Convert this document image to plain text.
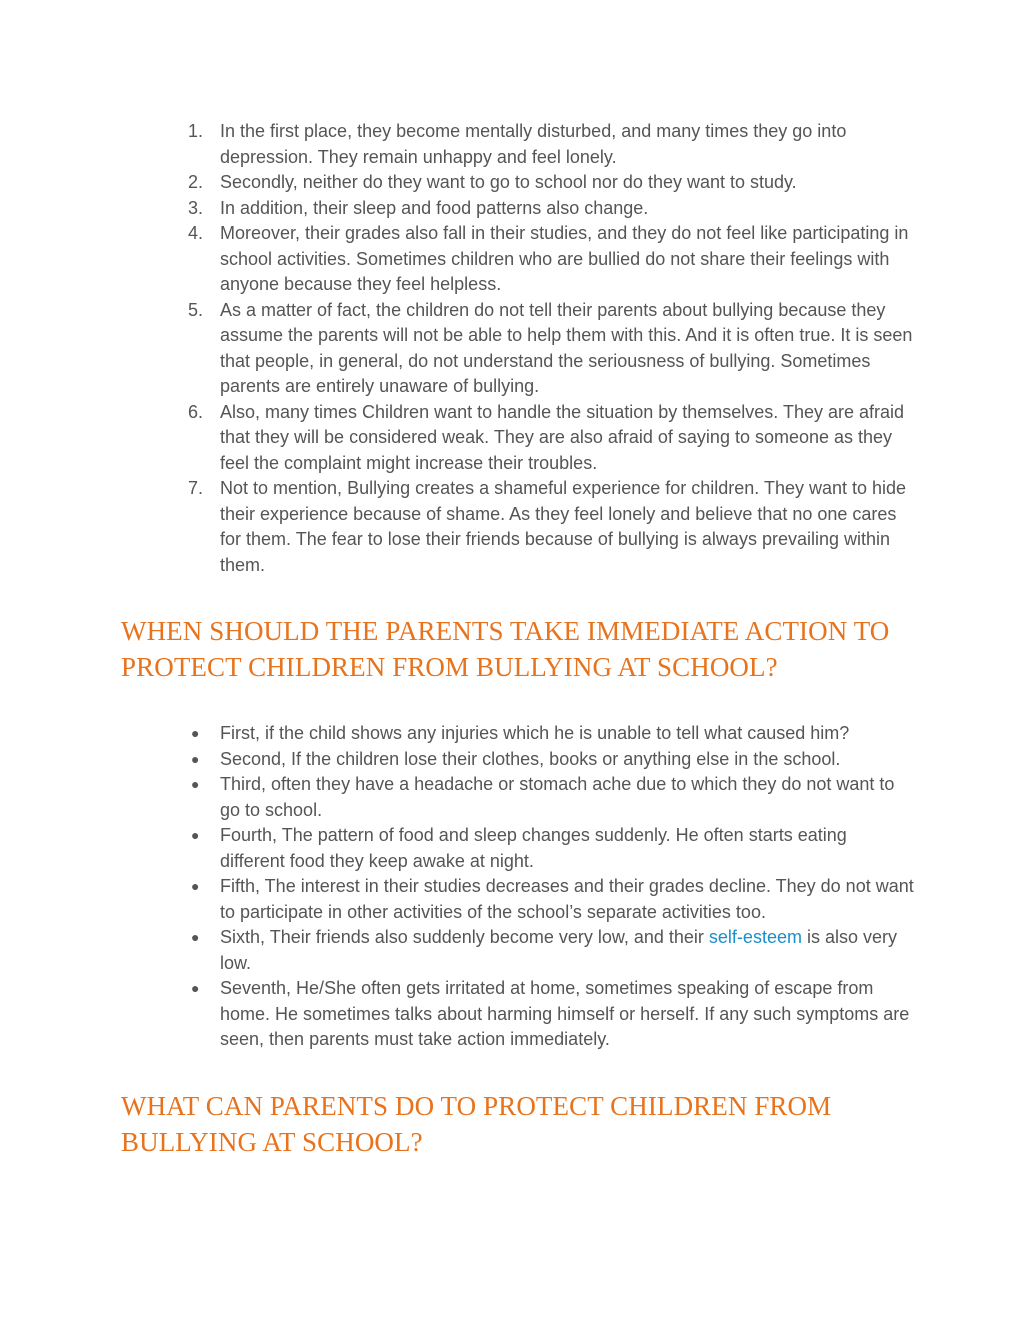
1. In the first place, they become mentally disturbed, and many times they go into depression. They remain unhappy and feel lonely.
2. Secondly, neither do they want to go to school nor do they want to study.
3. In addition, their sleep and food patterns also change.
4. Moreover, their grades also fall in their studies, and they do not feel like participating in school activities. Sometimes children who are bullied do not share their feelings with anyone because they feel helpless.
5. As a matter of fact, the children do not tell their parents about bullying because they assume the parents will not be able to help them with this. And it is often true. It is seen that people, in general, do not understand the seriousness of bullying. Sometimes parents are entirely unaware of bullying.
6. Also, many times Children want to handle the situation by themselves. They are afraid that they will be considered weak. They are also afraid of saying to someone as they feel the complaint might increase their troubles.
7. Not to mention, Bullying creates a shameful experience for children. They want to hide their experience because of shame. As they feel lonely and believe that no one cares for them. The fear to lose their friends because of bullying is always prevailing within them.
WHEN SHOULD THE PARENTS TAKE IMMEDIATE ACTION TO PROTECT CHILDREN FROM BULLYING AT SCHOOL?
●	First, if the child shows any injuries which he is unable to tell what caused him?
●	Second, If the children lose their clothes, books or anything else in the school.
●	Third, often they have a headache or stomach ache due to which they do not want to go to school.
●	Fourth, The pattern of food and sleep changes suddenly. He often starts eating different food they keep awake at night.
●	Fifth, The interest in their studies decreases and their grades decline. They do not want to participate in other activities of the school’s separate activities too.
●	Sixth, Their friends also suddenly become very low, and their self-esteem is also very low.
●	Seventh, He/She often gets irritated at home, sometimes speaking of escape from home. He sometimes talks about harming himself or herself. If any such symptoms are seen, then parents must take action immediately.
WHAT CAN PARENTS DO TO PROTECT CHILDREN FROM BULLYING AT SCHOOL?
